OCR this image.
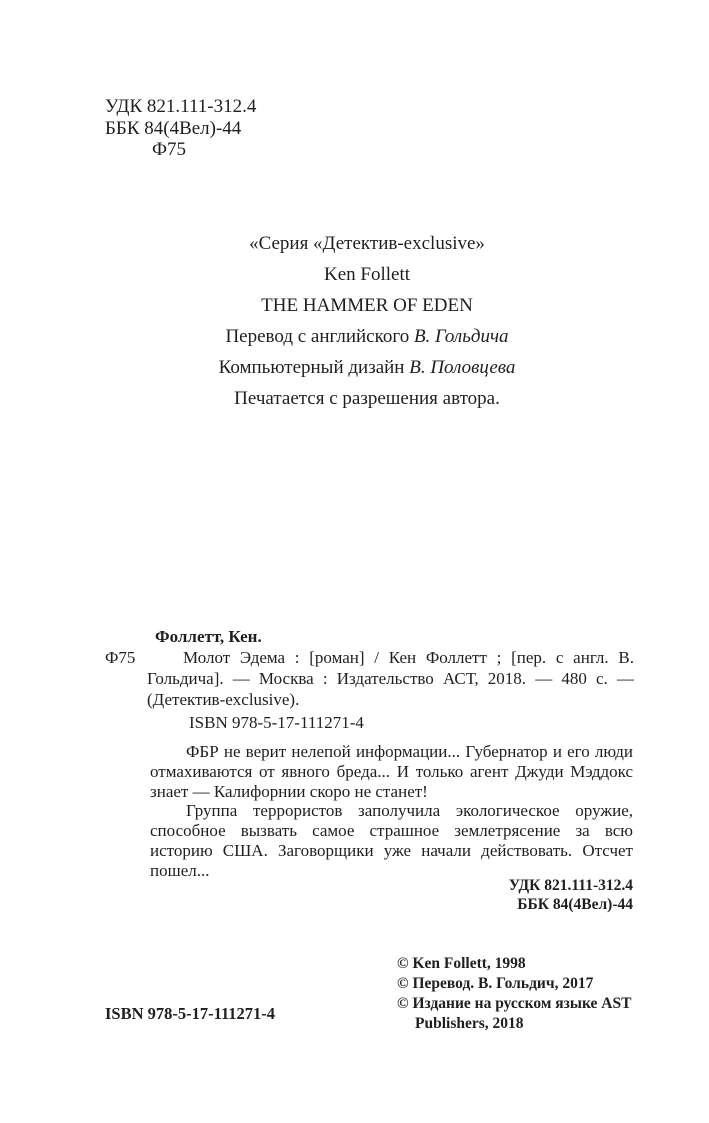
УДК 821.111-312.4
ББК 84(4Вел)-44
Ф75
«Серия «Детектив-exclusive»
Ken Follett
THE HAMMER OF EDEN
Перевод с английского В. Гольдича
Компьютерный дизайн В. Половцева
Печатается с разрешения автора.
Ф75
Фоллетт, Кен.

Молот Эдема : [роман] / Кен Фоллетт ; [пер. с англ. В. Гольдича]. — Москва : Издательство АСТ, 2018. — 480 с. — (Детектив-exclusive).

ISBN 978-5-17-111271-4

ФБР не верит нелепой информации... Губернатор и его люди отмахиваются от явного бреда... И только агент Джуди Мэддокс знает — Калифорнии скоро не станет!

Группа террористов заполучила экологическое оружие, способное вызвать самое страшное землетрясение за всю историю США. Заговорщики уже начали действовать. Отсчет пошел...

УДК 821.111-312.4
ББК 84(4Вел)-44
ISBN 978-5-17-111271-4
© Ken Follett, 1998
© Перевод. В. Гольдич, 2017
© Издание на русском языке AST Publishers, 2018
